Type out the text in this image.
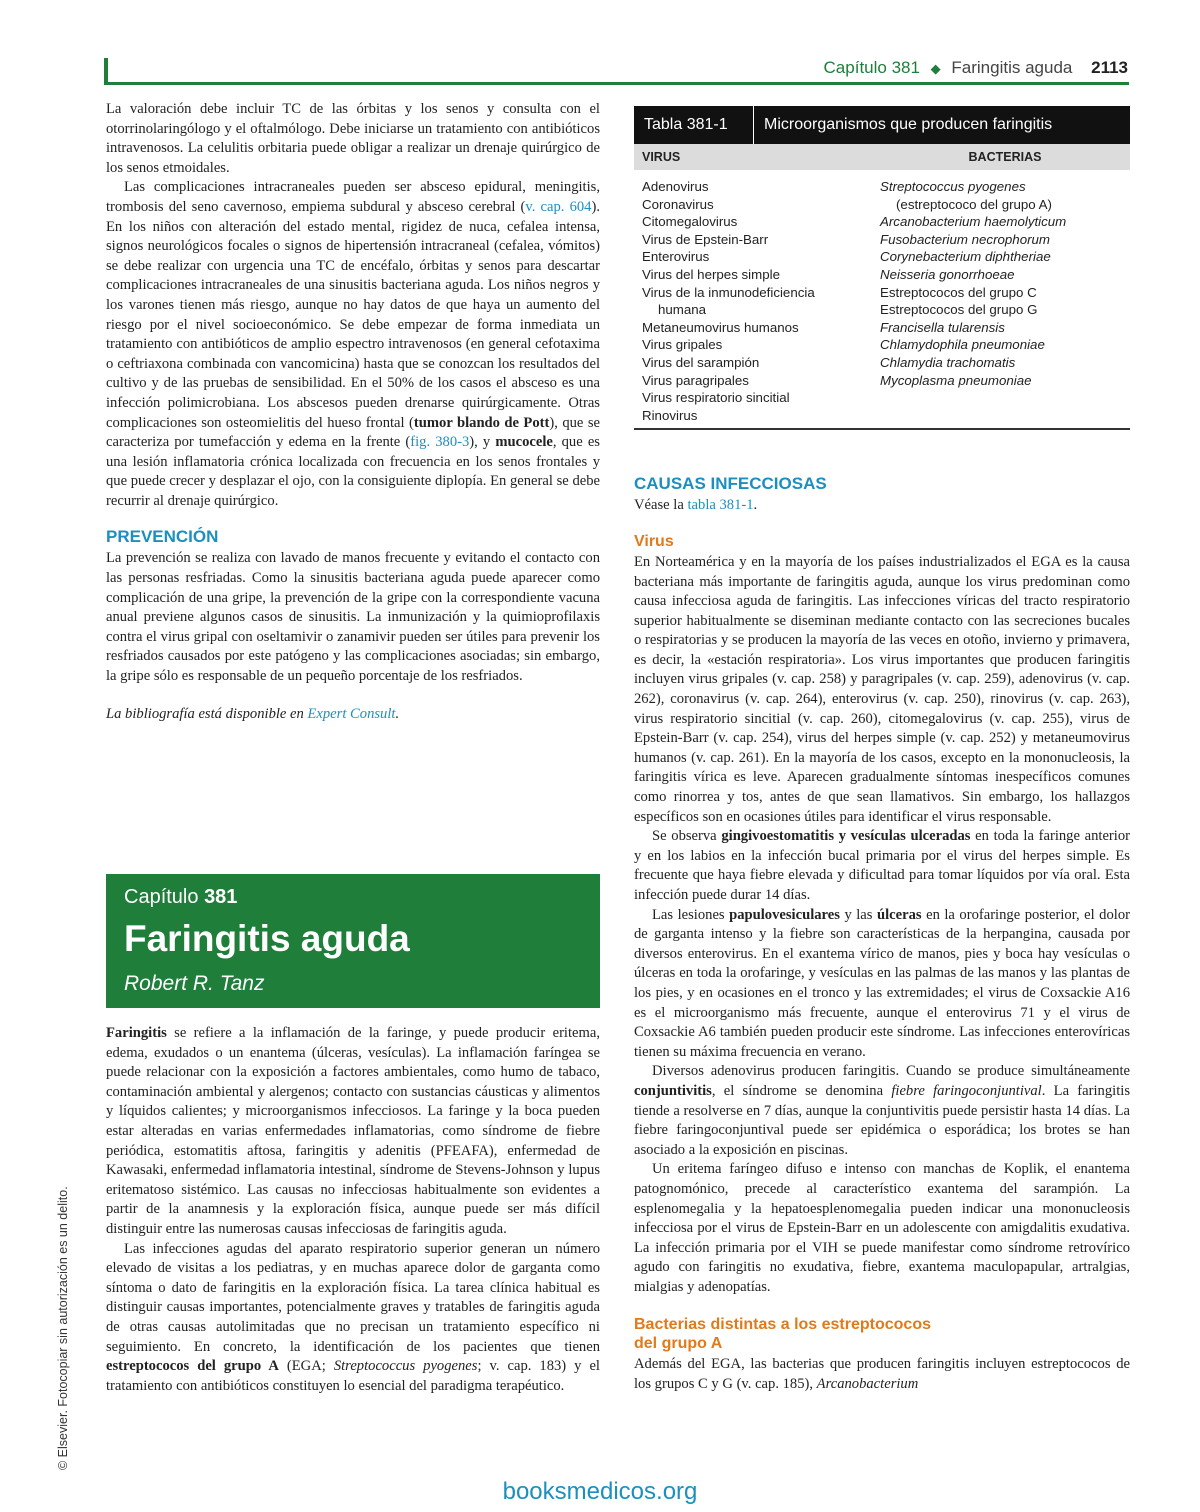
Capítulo 381 ◆ Faringitis aguda 2113

La valoración debe incluir TC de las órbitas y los senos y consulta con el otorrinolaringólogo y el oftalmólogo. Debe iniciarse un tratamiento con antibióticos intravenosos. La celulitis orbitaria puede obligar a realizar un drenaje quirúrgico de los senos etmoidales.

Las complicaciones intracraneales pueden ser absceso epidural, meningitis, trombosis del seno cavernoso, empiema subdural y absceso cerebral (v. cap. 604). En los niños con alteración del estado mental, rigidez de nuca, cefalea intensa, signos neurológicos focales o signos de hipertensión intracraneal (cefalea, vómitos) se debe realizar con urgencia una TC de encéfalo, órbitas y senos para descartar complicaciones intracraneales de una sinusitis bacteriana aguda. Los niños negros y los varones tienen más riesgo, aunque no hay datos de que haya un aumento del riesgo por el nivel socioeconómico. Se debe empezar de forma inmediata un tratamiento con antibióticos de amplio espectro intravenosos (en general cefotaxima o ceftriaxona combinada con vancomicina) hasta que se conozcan los resultados del cultivo y de las pruebas de sensibilidad. En el 50% de los casos el absceso es una infección polimicrobiana. Los abscesos pueden drenarse quirúrgicamente. Otras complicaciones son osteomielitis del hueso frontal (tumor blando de Pott), que se caracteriza por tumefacción y edema en la frente (fig. 380-3), y mucocele, que es una lesión inflamatoria crónica localizada con frecuencia en los senos frontales y que puede crecer y desplazar el ojo, con la consiguiente diplopía. En general se debe recurrir al drenaje quirúrgico.

PREVENCIÓN

La prevención se realiza con lavado de manos frecuente y evitando el contacto con las personas resfriadas. Como la sinusitis bacteriana aguda puede aparecer como complicación de una gripe, la prevención de la gripe con la correspondiente vacuna anual previene algunos casos de sinusitis. La inmunización y la quimioprofilaxis contra el virus gripal con oseltamivir o zanamivir pueden ser útiles para prevenir los resfriados causados por este patógeno y las complicaciones asociadas; sin embargo, la gripe sólo es responsable de un pequeño porcentaje de los resfriados.

La bibliografía está disponible en Expert Consult.

Capítulo 381
Faringitis aguda
Robert R. Tanz

Faringitis se refiere a la inflamación de la faringe, y puede producir eritema, edema, exudados o un enantema (úlceras, vesículas). La inflamación faríngea se puede relacionar con la exposición a factores ambientales, como humo de tabaco, contaminación ambiental y alergenos; contacto con sustancias cáusticas y alimentos y líquidos calientes; y microorganismos infecciosos. La faringe y la boca pueden estar alteradas en varias enfermedades inflamatorias, como síndrome de fiebre periódica, estomatitis aftosa, faringitis y adenitis (PFEAFA), enfermedad de Kawasaki, enfermedad inflamatoria intestinal, síndrome de Stevens-Johnson y lupus eritematoso sistémico. Las causas no infecciosas habitualmente son evidentes a partir de la anamnesis y la exploración física, aunque puede ser más difícil distinguir entre las numerosas causas infecciosas de faringitis aguda.

Las infecciones agudas del aparato respiratorio superior generan un número elevado de visitas a los pediatras, y en muchas aparece dolor de garganta como síntoma o dato de faringitis en la exploración física. La tarea clínica habitual es distinguir causas importantes, potencialmente graves y tratables de faringitis aguda de otras causas autolimitadas que no precisan un tratamiento específico ni seguimiento. En concreto, la identificación de los pacientes que tienen estreptococos del grupo A (EGA; Streptococcus pyogenes; v. cap. 183) y el tratamiento con antibióticos constituyen lo esencial del paradigma terapéutico.

Tabla 381-1	Microorganismos que producen faringitis
VIRUS	BACTERIAS
Adenovirus
Coronavirus
Citomegalovirus
Virus de Epstein-Barr
Enterovirus
Virus del herpes simple
Virus de la inmunodeficiencia
humana
Metaneumovirus humanos
Virus gripales
Virus del sarampión
Virus paragripales
Virus respiratorio sincitial
Rinovirus
Streptococcus pyogenes
(estreptococo del grupo A)
Arcanobacterium haemolyticum
Fusobacterium necrophorum
Corynebacterium diphtheriae
Neisseria gonorrhoeae
Estreptococos del grupo C
Estreptococos del grupo G
Francisella tularensis
Chlamydophila pneumoniae
Chlamydia trachomatis
Mycoplasma pneumoniae
CAUSAS INFECCIOSAS

Véase la tabla 381-1.

Virus

En Norteamérica y en la mayoría de los países industrializados el EGA es la causa bacteriana más importante de faringitis aguda, aunque los virus predominan como causa infecciosa aguda de faringitis. Las infecciones víricas del tracto respiratorio superior habitualmente se diseminan mediante contacto con las secreciones bucales o respiratorias y se producen la mayoría de las veces en otoño, invierno y primavera, es decir, la «estación respiratoria». Los virus importantes que producen faringitis incluyen virus gripales (v. cap. 258) y paragripales (v. cap. 259), adenovirus (v. cap. 262), coronavirus (v. cap. 264), enterovirus (v. cap. 250), rinovirus (v. cap. 263), virus respiratorio sincitial (v. cap. 260), citomegalovirus (v. cap. 255), virus de Epstein-Barr (v. cap. 254), virus del herpes simple (v. cap. 252) y metaneumovirus humanos (v. cap. 261). En la mayoría de los casos, excepto en la mononucleosis, la faringitis vírica es leve. Aparecen gradualmente síntomas inespecíficos comunes como rinorrea y tos, antes de que sean llamativos. Sin embargo, los hallazgos específicos son en ocasiones útiles para identificar el virus responsable.

Se observa gingivoestomatitis y vesículas ulceradas en toda la faringe anterior y en los labios en la infección bucal primaria por el virus del herpes simple. Es frecuente que haya fiebre elevada y dificultad para tomar líquidos por vía oral. Esta infección puede durar 14 días.

Las lesiones papulovesiculares y las úlceras en la orofaringe posterior, el dolor de garganta intenso y la fiebre son características de la herpangina, causada por diversos enterovirus. En el exantema vírico de manos, pies y boca hay vesículas o úlceras en toda la orofaringe, y vesículas en las palmas de las manos y las plantas de los pies, y en ocasiones en el tronco y las extremidades; el virus de Coxsackie A16 es el microorganismo más frecuente, aunque el enterovirus 71 y el virus de Coxsackie A6 también pueden producir este síndrome. Las infecciones enterovíricas tienen su máxima frecuencia en verano.

Diversos adenovirus producen faringitis. Cuando se produce simultáneamente conjuntivitis, el síndrome se denomina fiebre faringoconjuntival. La faringitis tiende a resolverse en 7 días, aunque la conjuntivitis puede persistir hasta 14 días. La fiebre faringoconjuntival puede ser epidémica o esporádica; los brotes se han asociado a la exposición en piscinas.

Un eritema faríngeo difuso e intenso con manchas de Koplik, el enantema patognomónico, precede al característico exantema del sarampión. La esplenomegalia y la hepatoesplenomegalia pueden indicar una mononucleosis infecciosa por el virus de Epstein-Barr en un adolescente con amigdalitis exudativa. La infección primaria por el VIH se puede manifestar como síndrome retrovírico agudo con faringitis no exudativa, fiebre, exantema maculopapular, artralgias, mialgias y adenopatías.

Bacterias distintas a los estreptococos
del grupo A

Además del EGA, las bacterias que producen faringitis incluyen estreptococos de los grupos C y G (v. cap. 185), Arcanobacterium

© Elsevier. Fotocopiar sin autorización es un delito.
booksmedicos.org
